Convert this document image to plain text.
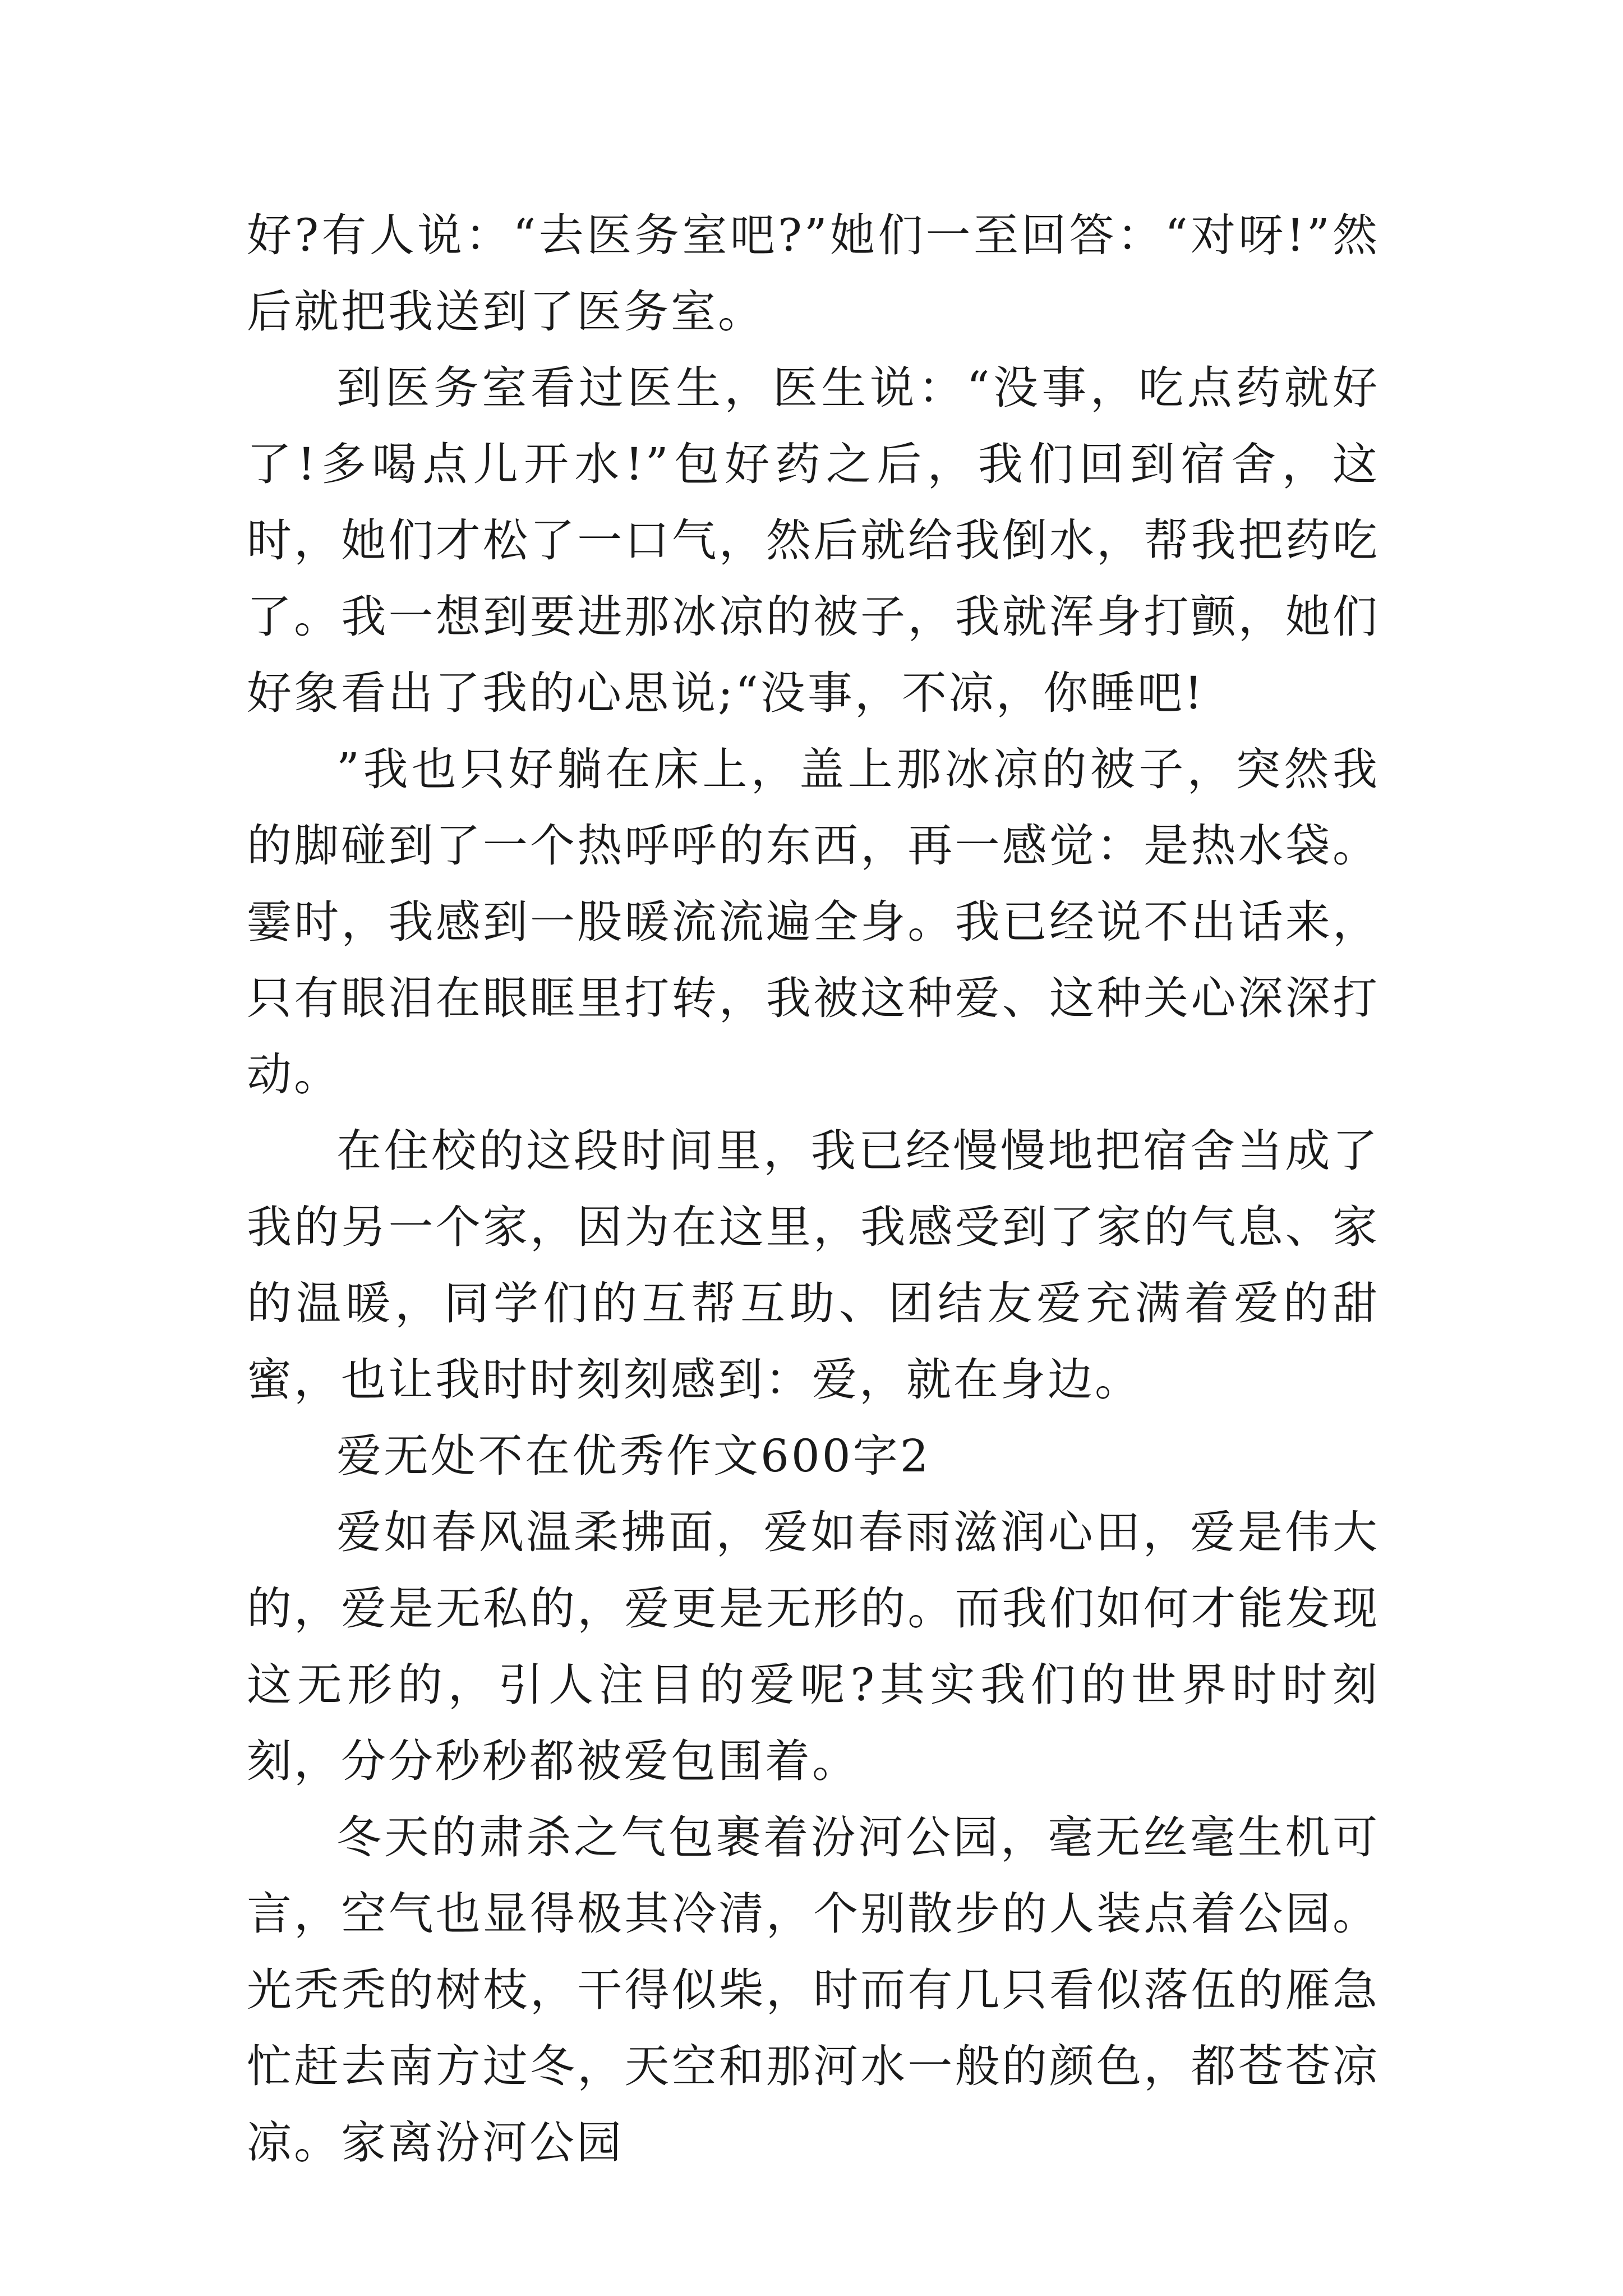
好?有人说：“去医务室吧?”她们一至回答：“对呀!”然后就把我送到了医务室。

到医务室看过医生，医生说：“没事，吃点药就好了!多喝点儿开水!”包好药之后，我们回到宿舍，这时，她们才松了一口气，然后就给我倒水，帮我把药吃了。我一想到要进那冰凉的被子，我就浑身打颤，她们好象看出了我的心思说;“没事，不凉，你睡吧!

”我也只好躺在床上，盖上那冰凉的被子，突然我的脚碰到了一个热呼呼的东西，再一感觉：是热水袋。霎时，我感到一股暖流流遍全身。我已经说不出话来，只有眼泪在眼眶里打转，我被这种爱、这种关心深深打动。

在住校的这段时间里，我已经慢慢地把宿舍当成了我的另一个家，因为在这里，我感受到了家的气息、家的温暖，同学们的互帮互助、团结友爱充满着爱的甜蜜，也让我时时刻刻感到：爱，就在身边。

爱无处不在优秀作文600字2

爱如春风温柔拂面，爱如春雨滋润心田，爱是伟大的，爱是无私的，爱更是无形的。而我们如何才能发现这无形的，引人注目的爱呢?其实我们的世界时时刻刻，分分秒秒都被爱包围着。

冬天的肃杀之气包裹着汾河公园，毫无丝毫生机可言，空气也显得极其冷清，个别散步的人装点着公园。光秃秃的树枝，干得似柴，时而有几只看似落伍的雁急忙赶去南方过冬，天空和那河水一般的颜色，都苍苍凉凉。家离汾河公园
